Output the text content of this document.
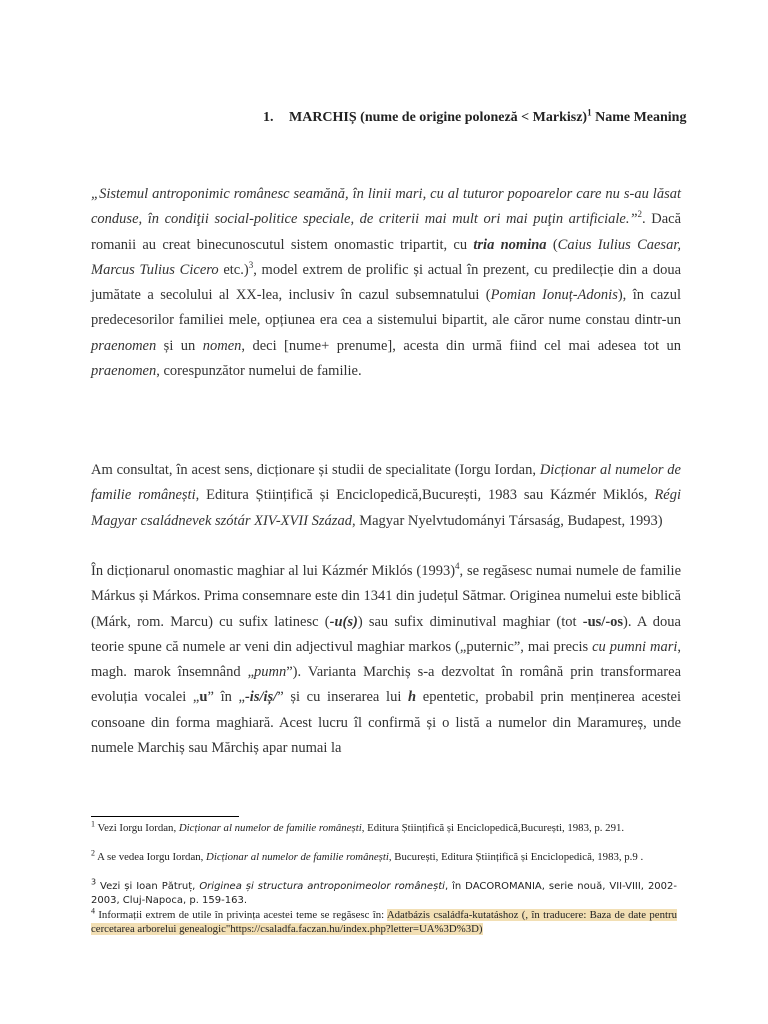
1. MARCHIȘ (nume de origine poloneză < Markisz)$^1$ Name Meaning
„Sistemul antroponimic românesc seamănă, în linii mari, cu al tuturor popoarelor care nu s-au lăsat conduse, în condiţii social-politice speciale, de criterii mai mult ori mai puţin artificiale.”$^2$. Dacă romanii au creat binecunoscutul sistem onomastic tripartit, cu tria nomina (Caius Iulius Caesar, Marcus Tulius Cicero etc.)$^3$, model extrem de prolific și actual în prezent, cu predilecție din a doua jumătate a secolului al XX-lea, inclusiv în cazul subsemnatului (Pomian Ionuț-Adonis), în cazul predecesorilor familiei mele, opțiunea era cea a sistemului bipartit, ale căror nume constau dintr-un praenomen și un nomen, deci [nume+ prenume], acesta din urmă fiind cel mai adesea tot un praenomen, corespunzător numelui de familie.
Am consultat, în acest sens, dicționare și studii de specialitate (Iorgu Iordan, Dicționar al numelor de familie românești, Editura Științifică și Enciclopedică,București, 1983 sau Kázmér Miklós, Régi Magyar családnevek szótár XIV-XVII Század, Magyar Nyelvtudományi Társaság, Budapest, 1993)
În dicționarul onomastic maghiar al lui Kázmér Miklós $(1993)^4$, se regăsesc numai numele de familie Márkus și Márkos. Prima consemnare este din 1341 din județul Sătmar. Originea numelui este biblică (Márk, rom. Marcu) cu sufix latinesc (-u(s)) sau sufix diminutival maghiar (tot -us/-os). A doua teorie spune că numele ar veni din adjectivul maghiar markos („puternic”, mai precis cu pumni mari, magh. marok însemnând „pumn”). Varianta Marchiș s-a dezvoltat în română prin transformarea evoluția vocalei „u” în „-is/iș/” și cu inserarea lui h epentetic, probabil prin menținerea acestei consoane din forma maghiară. Acest lucru îl confirmă și o listă a numelor din Maramureș, unde numele Marchiș sau Mărchiș apar numai la
$^1$ Vezi Iorgu Iordan, Dicționar al numelor de familie românești, Editura Științifică și Enciclopedică,București, 1983, p. 291.
$^2$ A se vedea Iorgu Iordan, Dicționar al numelor de familie românești, București, Editura Științifică și Enciclopedică, 1983, p.9 .
$^3$ Vezi și Ioan Pătruț, Originea și structura antroponimeolor românești, în DACOROMANIA, serie nouă, VII-VIII, 2002-2003, Cluj-Napoca, p. 159-163.
$^4$ Informații extrem de utile în privința acestei teme se regăsesc în: Adatbázis családfa-kutatáshoz (, în traducere: Baza de date pentru cercetarea arborelui genealogic"https://csaladfa.faczan.hu/index.php?letter=UA%3D%3D)
